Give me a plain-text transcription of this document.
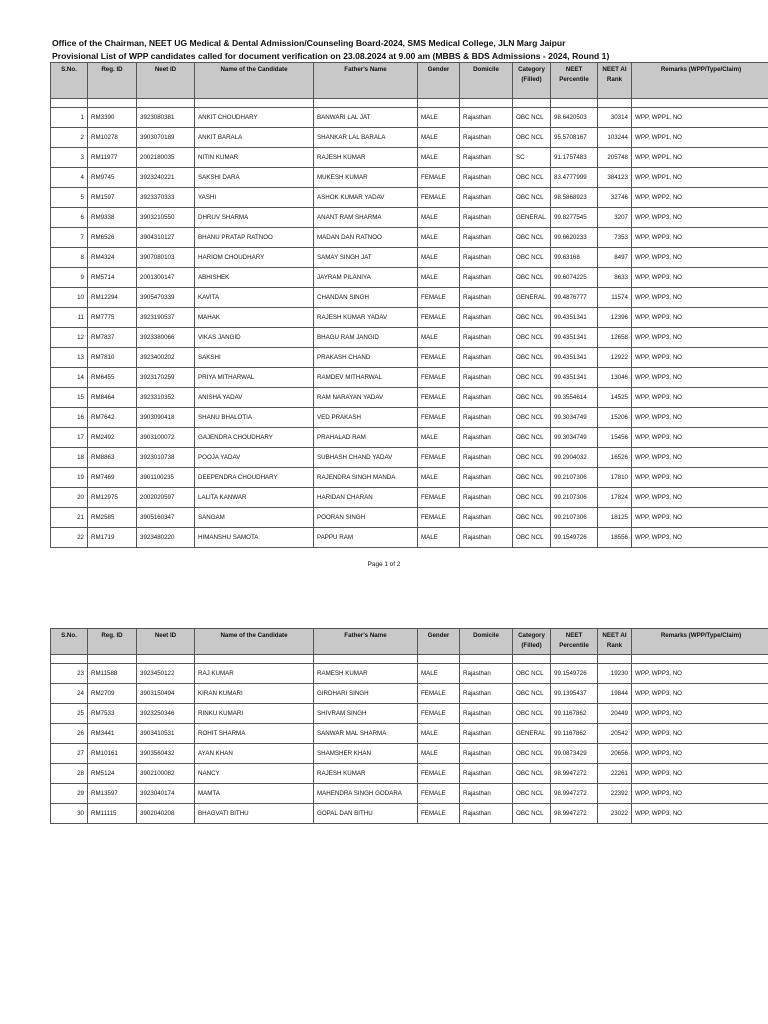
Office of the Chairman, NEET UG Medical & Dental Admission/Counseling Board-2024, SMS Medical College, JLN Marg Jaipur
Provisional List of WPP candidates called for document verification on 23.08.2024 at 9.00 am (MBBS & BDS Admissions - 2024, Round 1)
S.No.	Reg. ID	Neet ID	Name of the Candidate	Father's Name	Gender	Domicile	Category (Filled)	NEET Percentile	NEET AI Rank	Remarks (WPP/Type/Claim)

1	RM3390	3923080381	ANKIT CHOUDHARY	BANWARI LAL JAT	MALE	Rajasthan	OBC NCL	98.6420503	30314	WPP, WPP1, NO
2	RM10278	3903070189	ANKIT BARALA	SHANKAR LAL BARALA	MALE	Rajasthan	OBC NCL	95.5708167	103244	WPP, WPP1, NO
3	RM11977	2002180035	NITIN KUMAR	RAJESH KUMAR	MALE	Rajasthan	SC	91.1757483	205748	WPP, WPP1, NO
4	RM9745	3923240221	SAKSHI DARA	MUKESH KUMAR	FEMALE	Rajasthan	OBC NCL	83.4777999	384123	WPP, WPP1, NO
5	RM1597	3923370333	YASHI	ASHOK KUMAR YADAV	FEMALE	Rajasthan	OBC NCL	98.5868923	32746	WPP, WPP2, NO
6	RM9338	3903210550	DHRUV SHARMA	ANANT RAM SHARMA	MALE	Rajasthan	GENERAL	99.8277545	3207	WPP, WPP3, NO
7	RM6526	3904310127	BHANU PRATAP RATNOO	MADAN DAN RATNOO	MALE	Rajasthan	OBC NCL	99.6620233	7353	WPP, WPP3, NO
8	RM4324	3907080103	HARIOM CHOUDHARY	SAMAY SINGH JAT	MALE	Rajasthan	OBC NCL	99.63168	8497	WPP, WPP3, NO
9	RM5714	2001300147	ABHISHEK	JAYRAM PILANIYA	MALE	Rajasthan	OBC NCL	99.6074225	8633	WPP, WPP3, NO
10	RM12294	3905470339	KAVITA	CHANDAN SINGH	FEMALE	Rajasthan	GENERAL	99.4876777	11574	WPP, WPP3, NO
11	RM7775	3923190537	MAHAK	RAJESH KUMAR YADAV	FEMALE	Rajasthan	OBC NCL	99.4351341	12396	WPP, WPP3, NO
12	RM7837	3923380066	VIKAS JANGID	BHAGU RAM JANGID	MALE	Rajasthan	OBC NCL	99.4351341	12658	WPP, WPP3, NO
13	RM7810	3923400202	SAKSHI	PRAKASH CHAND	FEMALE	Rajasthan	OBC NCL	99.4351341	12922	WPP, WPP3, NO
14	RM6455	3923170259	PRIYA MITHARWAL	RAMDEV MITHARWAL	FEMALE	Rajasthan	OBC NCL	99.4351341	13046	WPP, WPP3, NO
15	RM8464	3923310352	ANISHA YADAV	RAM NARAYAN YADAV	FEMALE	Rajasthan	OBC NCL	99.3554614	14525	WPP, WPP3, NO
16	RM7642	3903090418	SHANU BHALOTIA	VED PRAKASH	FEMALE	Rajasthan	OBC NCL	99.3034749	15206	WPP, WPP3, NO
17	RM2492	3903100072	GAJENDRA CHOUDHARY	PRAHALAD RAM	MALE	Rajasthan	OBC NCL	99.3034749	15456	WPP, WPP3, NO
18	RM8863	3923010738	POOJA YADAV	SUBHASH CHAND YADAV	FEMALE	Rajasthan	OBC NCL	99.2904032	16526	WPP, WPP3, NO
19	RM7469	3901100235	DEEPENDRA CHOUDHARY	RAJENDRA SINGH MANDA	MALE	Rajasthan	OBC NCL	99.2107306	17810	WPP, WPP3, NO
20	RM12975	2002020597	LALITA KANWAR	HARIDAN CHARAN	FEMALE	Rajasthan	OBC NCL	99.2107306	17824	WPP, WPP3, NO
21	RM2585	3905160347	SANGAM	POORAN SINGH	FEMALE	Rajasthan	OBC NCL	99.2107306	18125	WPP, WPP3, NO
22	RM1719	3923480220	HIMANSHU SAMOTA	PAPPU RAM	MALE	Rajasthan	OBC NCL	99.1549726	18556	WPP, WPP3, NO
Page 1 of 2
S.No.	Reg. ID	Neet ID	Name of the Candidate	Father's Name	Gender	Domicile	Category (Filled)	NEET Percentile	NEET AI Rank	Remarks (WPP/Type/Claim)

23	RM11588	3923450122	RAJ KUMAR	RAMESH KUMAR	MALE	Rajasthan	OBC NCL	99.1549726	19230	WPP, WPP3, NO
24	RM2709	3903150494	KIRAN KUMARI	GIRDHARI SINGH	FEMALE	Rajasthan	OBC NCL	99.1395437	19844	WPP, WPP3, NO
25	RM7533	3923250346	RINKU KUMARI	SHIVRAM SINGH	FEMALE	Rajasthan	OBC NCL	99.1167862	20449	WPP, WPP3, NO
26	RM3441	3903410531	ROHIT SHARMA	SANWAR MAL SHARMA	MALE	Rajasthan	GENERAL	99.1167862	20542	WPP, WPP3, NO
27	RM10161	3903560432	AYAN KHAN	SHAMSHER KHAN	MALE	Rajasthan	OBC NCL	99.0873429	20656	WPP, WPP3, NO
28	RM5124	3902100082	NANCY	RAJESH KUMAR	FEMALE	Rajasthan	OBC NCL	98.9947272	22261	WPP, WPP3, NO
29	RM13597	3923040174	MAMTA	MAHENDRA SINGH GODARA	FEMALE	Rajasthan	OBC NCL	98.9947272	22392	WPP, WPP3, NO
30	RM11115	3902040208	BHAGVATI BITHU	GOPAL DAN BITHU	FEMALE	Rajasthan	OBC NCL	98.9947272	23022	WPP, WPP3, NO
